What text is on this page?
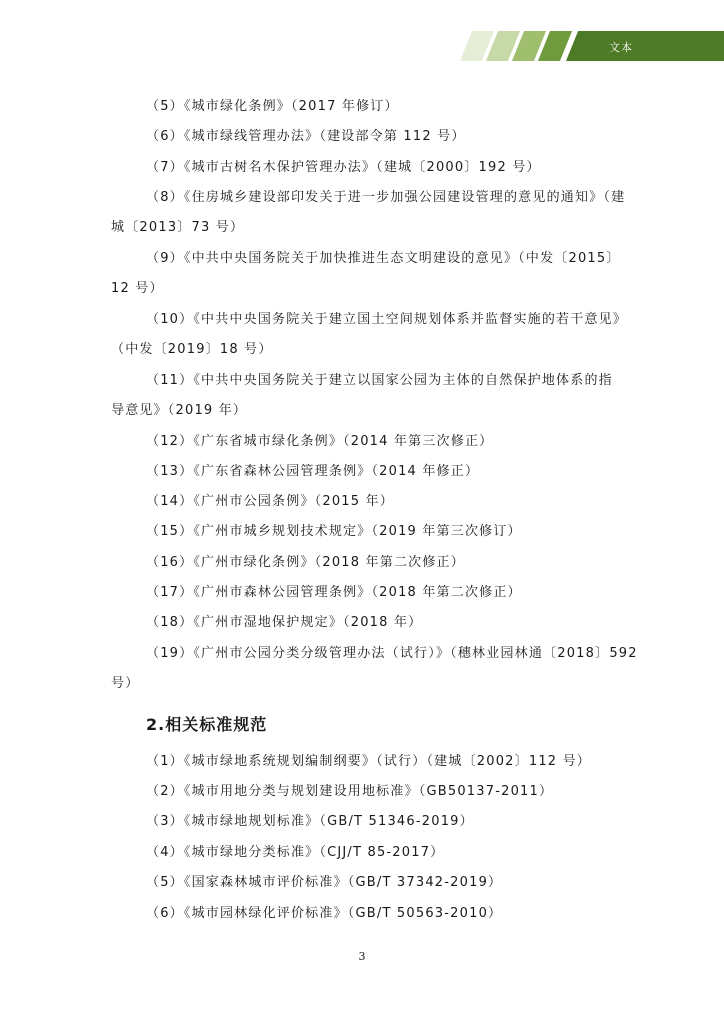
文本
（5）《城市绿化条例》（2017 年修订）
（6）《城市绿线管理办法》（建设部令第 112 号）
（7）《城市古树名木保护管理办法》（建城〔2000〕192 号）
（8）《住房城乡建设部印发关于进一步加强公园建设管理的意见的通知》（建
城〔2013〕73 号）
（9）《中共中央国务院关于加快推进生态文明建设的意见》（中发〔2015〕
12 号）
（10）《中共中央国务院关于建立国土空间规划体系并监督实施的若干意见》
（中发〔2019〕18 号）
（11）《中共中央国务院关于建立以国家公园为主体的自然保护地体系的指
导意见》（2019 年）
（12）《广东省城市绿化条例》（2014 年第三次修正）
（13）《广东省森林公园管理条例》（2014 年修正）
（14）《广州市公园条例》（2015 年）
（15）《广州市城乡规划技术规定》（2019 年第三次修订）
（16）《广州市绿化条例》（2018 年第二次修正）
（17）《广州市森林公园管理条例》（2018 年第二次修正）
（18）《广州市湿地保护规定》（2018 年）
（19）《广州市公园分类分级管理办法（试行）》（穗林业园林通〔2018〕592
号）
2.相关标准规范
（1）《城市绿地系统规划编制纲要》（试行）（建城〔2002〕112 号）
（2）《城市用地分类与规划建设用地标准》（GB50137-2011）
（3）《城市绿地规划标准》（GB/T 51346-2019）
（4）《城市绿地分类标准》（CJJ/T 85-2017）
（5）《国家森林城市评价标准》（GB/T 37342-2019）
（6）《城市园林绿化评价标准》（GB/T 50563-2010）
3
